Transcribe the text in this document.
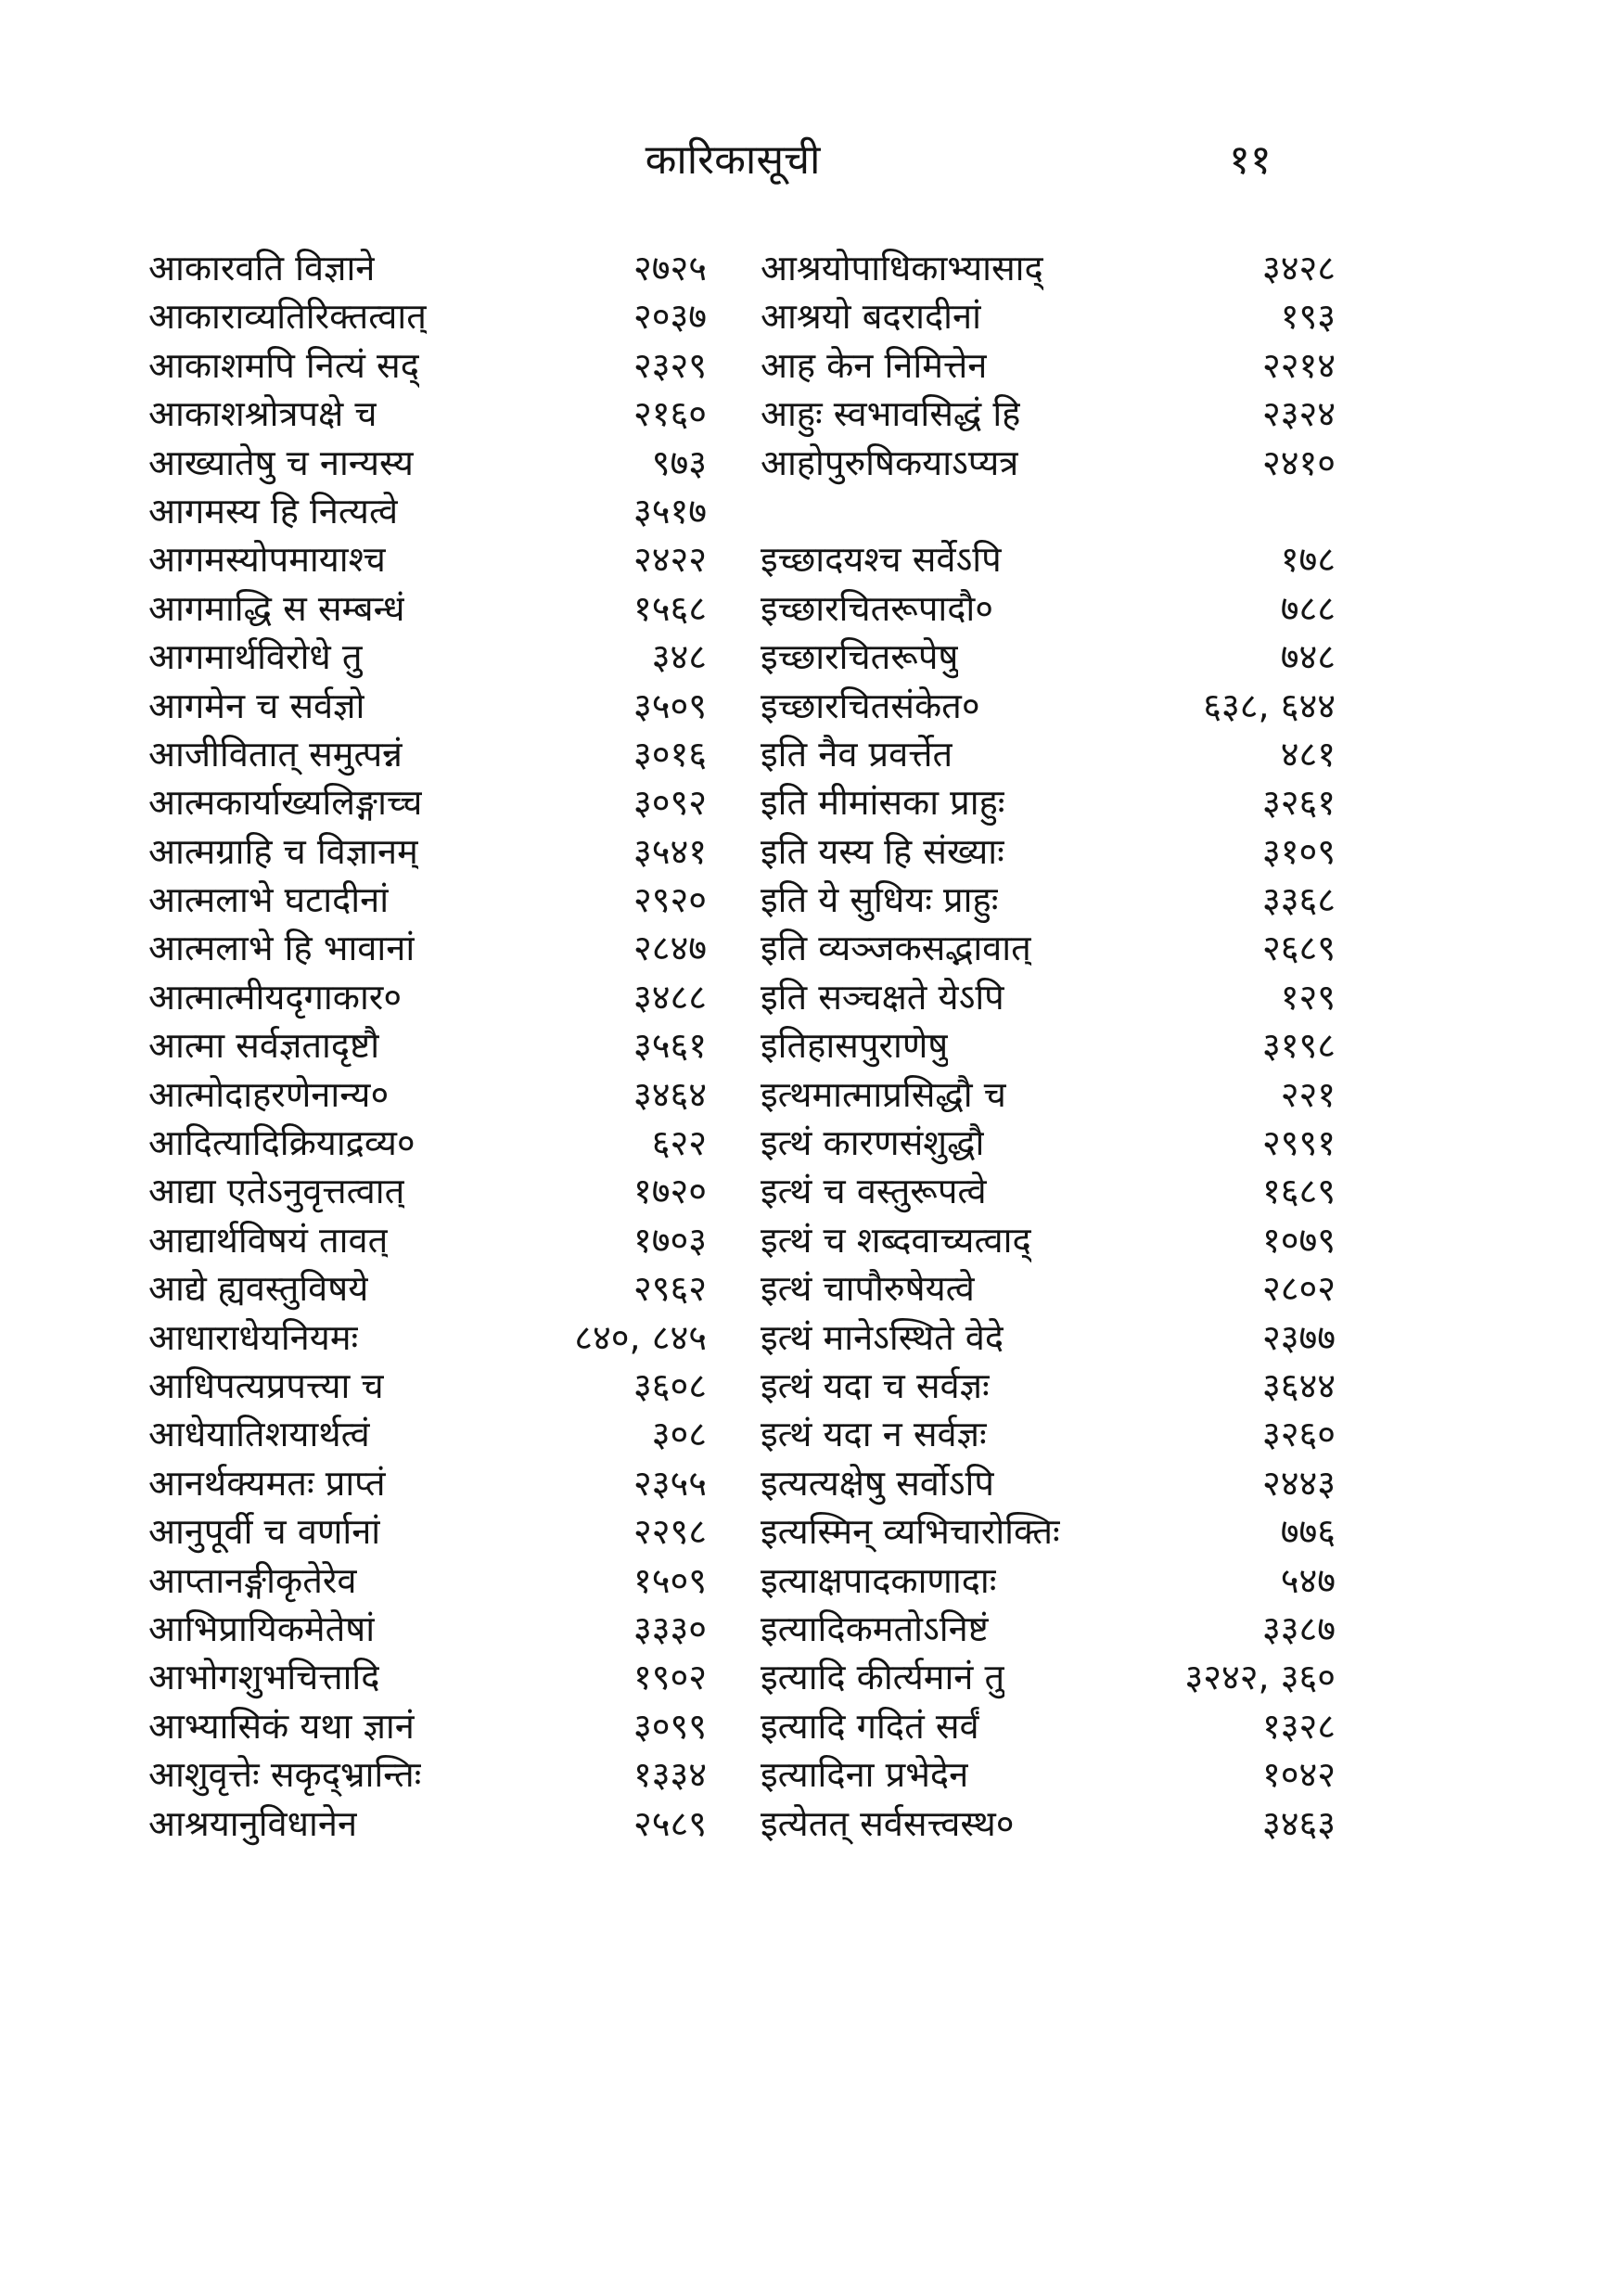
कारिकासूची	११
आकारवति विज्ञाने	२७२५
आकाराव्यतिरिक्तत्वात्	२०३७
आकाशमपि नित्यं सद्	२३२९
आकाशश्रोत्रपक्षे च	२१६०
आख्यातेषु च नान्यस्य	९७३
आगमस्य हि नित्यत्वे	३५१७
आगमस्योपमायाश्च	२४२२
आगमाद्धि स सम्बन्धं	१५६८
आगमार्थविरोधे तु	३४८
आगमेन च सर्वज्ञो	३५०९
आजीवितात् समुत्पन्नं	३०१६
आत्मकार्याख्यलिङ्गाच्च	३०९२
आत्मग्राहि च विज्ञानम्	३५४१
आत्मलाभे घटादीनां	२९२०
आत्मलाभे हि भावानां	२८४७
आत्मात्मीयदृगाकार०	३४८८
आत्मा सर्वज्ञतादृष्टौ	३५६१
आत्मोदाहरणेनान्य०	३४६४
आदित्यादिक्रियाद्रव्य०	६२२
आद्या एतेऽनुवृत्तत्वात्	१७२०
आद्यार्थविषयं तावत्	१७०३
आद्ये ह्यवस्तुविषये	२९६२
आधाराधेयनियमः	८४०, ८४५
आधिपत्यप्रपत्त्या च	३६०८
आधेयातिशयार्थत्वं	३०८
आनर्थक्यमतः प्राप्तं	२३५५
आनुपूर्वी च वर्णानां	२२९८
आप्तानङ्गीकृतेरेव	१५०९
आभिप्रायिकमेतेषां	३३३०
आभोगशुभचित्तादि	१९०२
आभ्यासिकं यथा ज्ञानं	३०९९
आशुवृत्तेः सकृद्भ्रान्तिः	१३३४
आश्रयानुविधानेन	२५८९
आश्रयोपाधिकाभ्यासाद्	३४२८
आश्रयो बदरादीनां	१९३
आह केन निमित्तेन	२२१४
आहुः स्वभावसिद्धं हि	२३२४
आहोपुरुषिकयाऽप्यत्र	२४१०
इच्छादयश्च सर्वेऽपि	१७८
इच्छारचितरूपादौ०	७८८
इच्छारचितरूपेषु	७४८
इच्छारचितसंकेत०	६३८, ६४४
इति नैव प्रवर्त्तेत	४८१
इति मीमांसका प्राहुः	३२६१
इति यस्य हि संख्याः	३१०९
इति ये सुधियः प्राहुः	३३६८
इति व्यञ्जकसद्भावात्	२६८९
इति सञ्चक्षते येऽपि	१२९
इतिहासपुराणेषु	३१९८
इत्थमात्माप्रसिद्धौ च	२२१
इत्थं कारणसंशुद्धौ	२९९१
इत्थं च वस्तुरूपत्वे	१६८९
इत्थं च शब्दवाच्यत्वाद्	१०७९
इत्थं चापौरुषेयत्वे	२८०२
इत्थं मानेऽस्थिते वेदे	२३७७
इत्थं यदा च सर्वज्ञः	३६४४
इत्थं यदा न सर्वज्ञः	३२६०
इत्यत्यक्षेषु सर्वोऽपि	२४४३
इत्यस्मिन् व्यभिचारोक्तिः	७७६
इत्याक्षपादकाणादाः	५४७
इत्यादिकमतोऽनिष्टं	३३८७
इत्यादि कीर्त्यमानं तु	३२४२, ३६०
इत्यादि गदितं सर्वं	१३२८
इत्यादिना प्रभेदेन	१०४२
इत्येतत् सर्वसत्त्वस्थ०	३४६३
